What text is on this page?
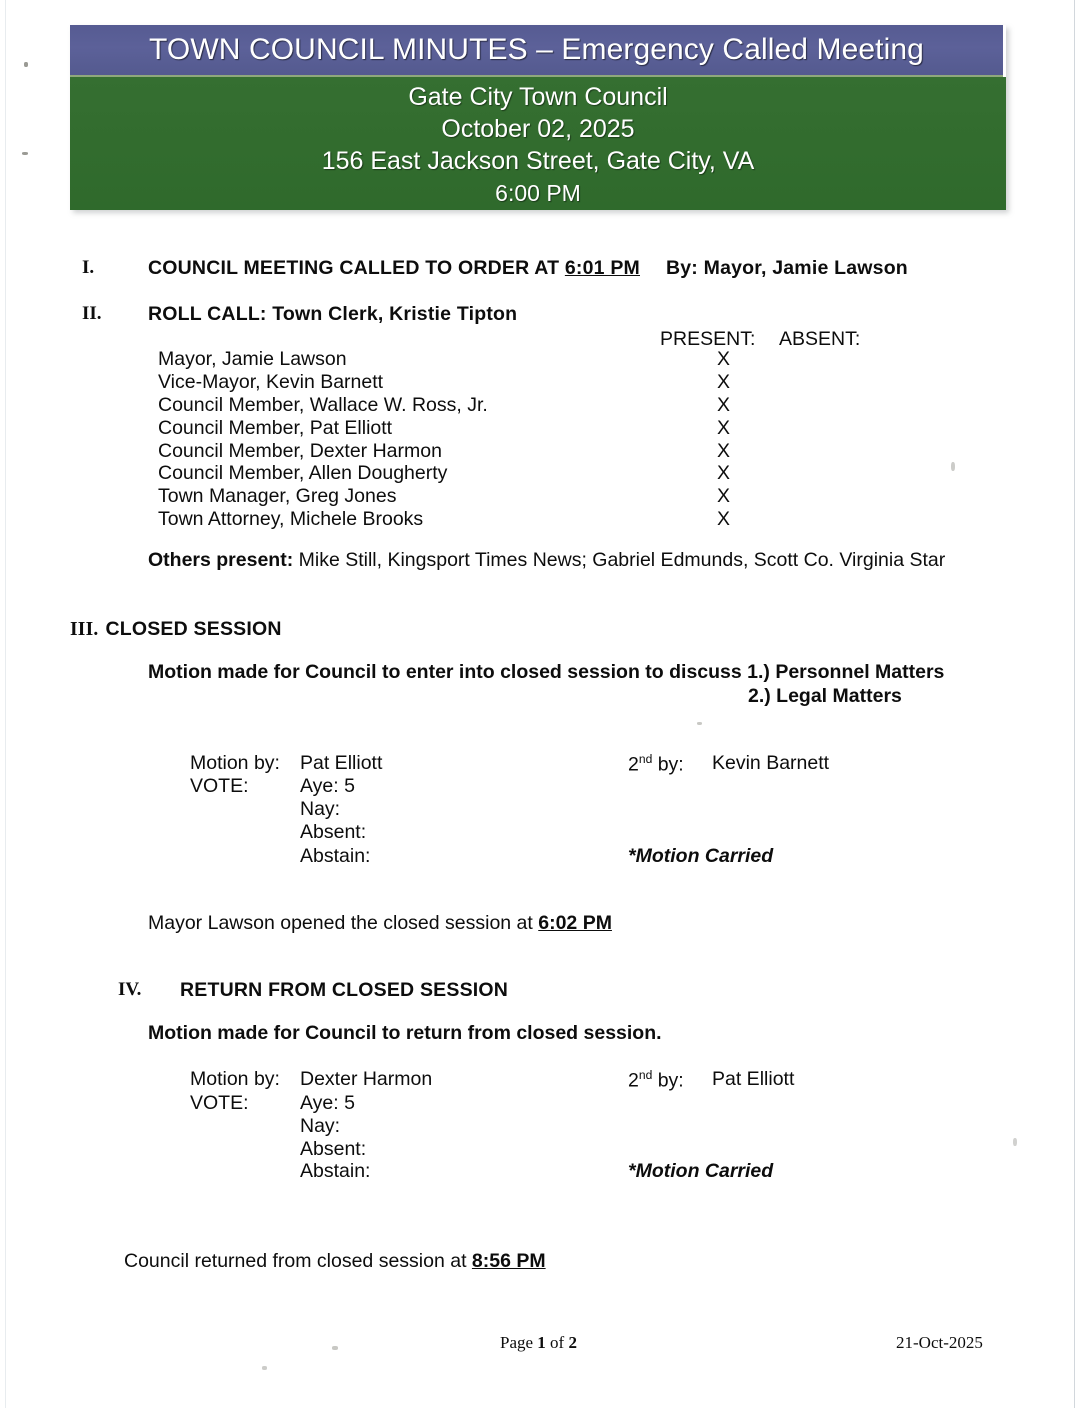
TOWN COUNCIL MINUTES – Emergency Called Meeting
Gate City Town Council
October 02, 2025
156 East Jackson Street, Gate City, VA
6:00 PM
I.	COUNCIL MEETING CALLED TO ORDER AT 6:01 PM By: Mayor, Jamie Lawson
II. ROLL CALL: Town Clerk, Kristie Tipton
PRESENT: ABSENT:
Mayor, Jamie Lawson	X
Vice-Mayor, Kevin Barnett	X
Council Member, Wallace W. Ross, Jr.	X
Council Member, Pat Elliott	X
Council Member, Dexter Harmon	X
Council Member, Allen Dougherty	X
Town Manager, Greg Jones	X
Town Attorney, Michele Brooks	X
Others present: Mike Still, Kingsport Times News; Gabriel Edmunds, Scott Co. Virginia Star
III. CLOSED SESSION
Motion made for Council to enter into closed session to discuss 1.) Personnel Matters
2.) Legal Matters
Motion by: Pat Elliott	2nd by: Kevin Barnett
VOTE:	Aye: 5
Nay:
Absent:
Abstain:	*Motion Carried
Mayor Lawson opened the closed session at 6:02 PM
IV. RETURN FROM CLOSED SESSION
Motion made for Council to return from closed session.
Motion by: Dexter Harmon	2nd by: Pat Elliott
VOTE:	Aye: 5
Nay:
Absent:
Abstain:	*Motion Carried
Council returned from closed session at 8:56 PM
Page 1 of 2	21-Oct-2025
